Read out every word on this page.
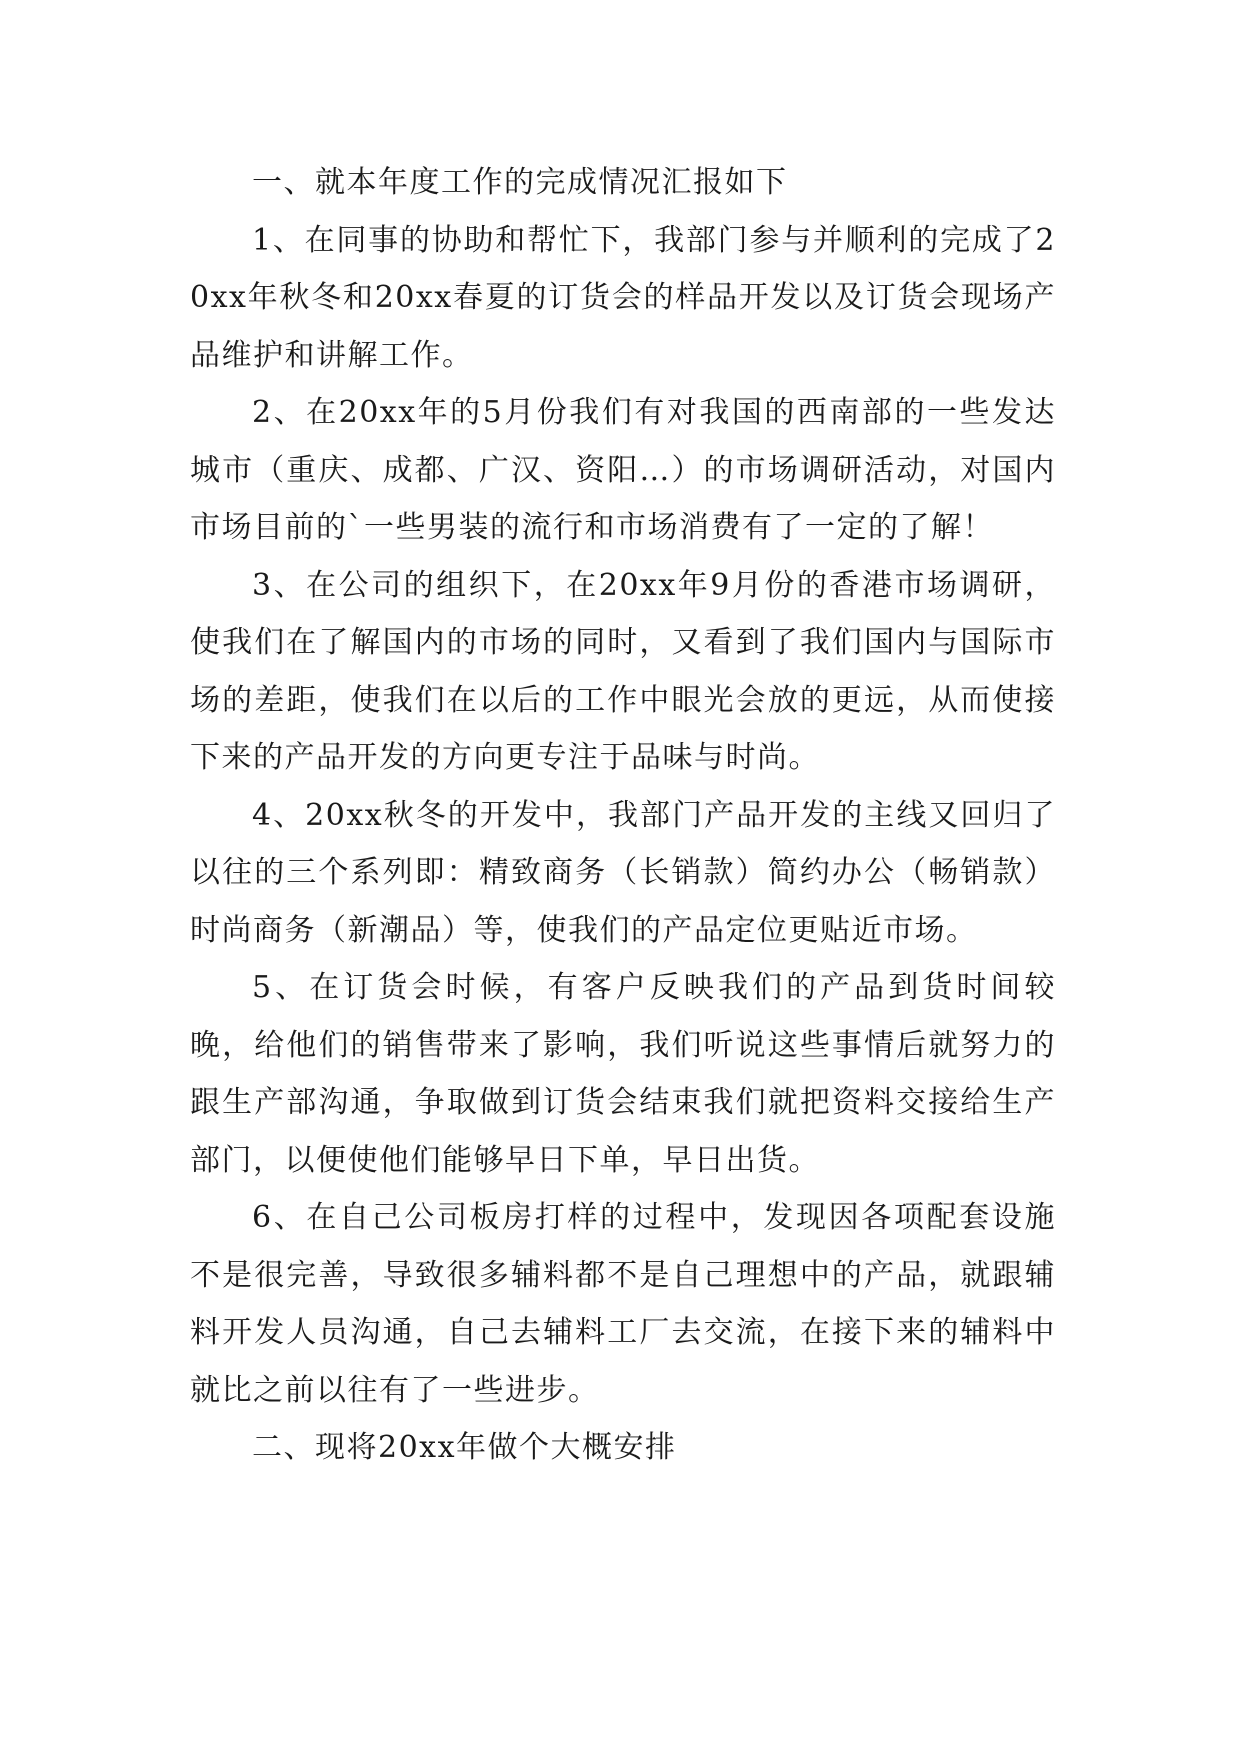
一、就本年度工作的完成情况汇报如下

1、在同事的协助和帮忙下，我部门参与并顺利的完成了20xx年秋冬和20xx春夏的订货会的样品开发以及订货会现场产品维护和讲解工作。

2、在20xx年的5月份我们有对我国的西南部的一些发达城市（重庆、成都、广汉、资阳…）的市场调研活动，对国内市场目前的`一些男装的流行和市场消费有了一定的了解！

3、在公司的组织下，在20xx年9月份的香港市场调研，使我们在了解国内的市场的同时，又看到了我们国内与国际市场的差距，使我们在以后的工作中眼光会放的更远，从而使接下来的产品开发的方向更专注于品味与时尚。

4、20xx秋冬的开发中，我部门产品开发的主线又回归了以往的三个系列即：精致商务（长销款）简约办公（畅销款）时尚商务（新潮品）等，使我们的产品定位更贴近市场。

5、在订货会时候，有客户反映我们的产品到货时间较晚，给他们的销售带来了影响，我们听说这些事情后就努力的跟生产部沟通，争取做到订货会结束我们就把资料交接给生产部门，以便使他们能够早日下单，早日出货。

6、在自己公司板房打样的过程中，发现因各项配套设施不是很完善，导致很多辅料都不是自己理想中的产品，就跟辅料开发人员沟通，自己去辅料工厂去交流，在接下来的辅料中就比之前以往有了一些进步。

二、现将20xx年做个大概安排
